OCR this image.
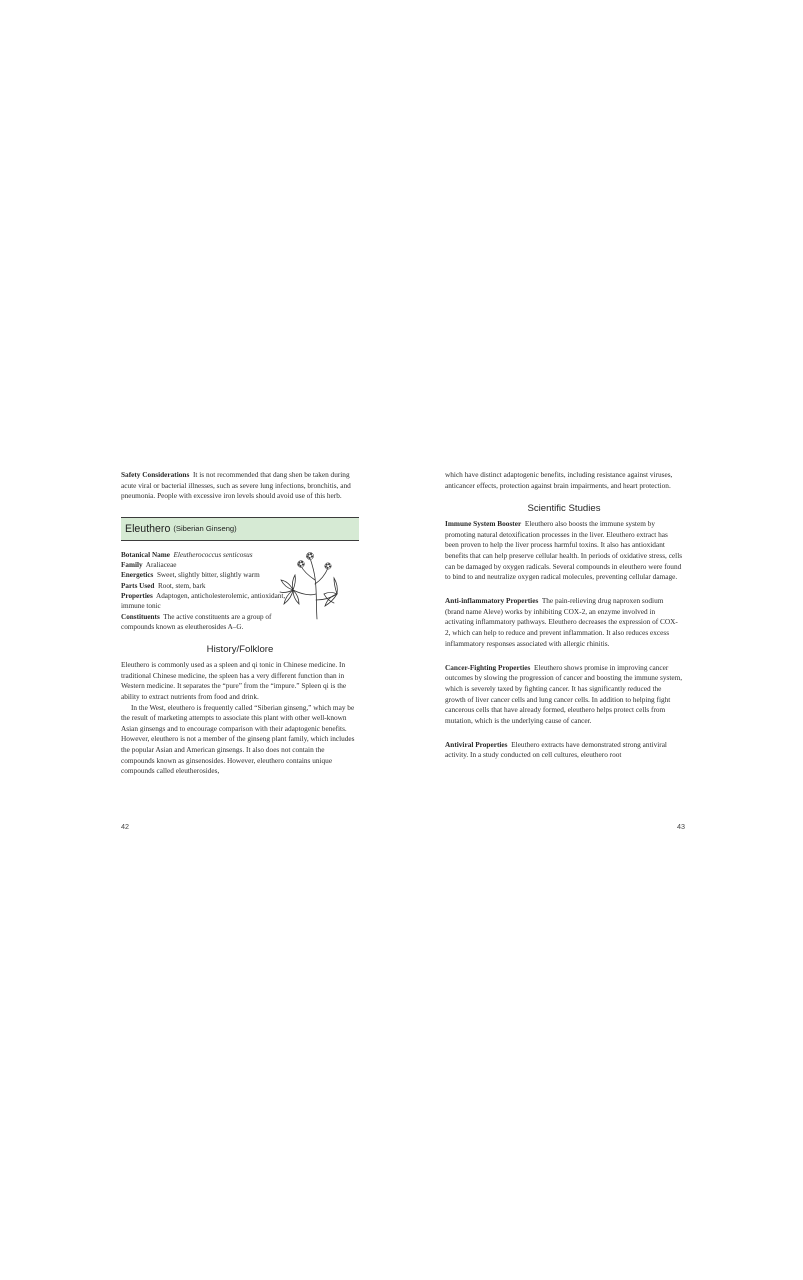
Safety Considerations It is not recommended that dang shen be taken during acute viral or bacterial illnesses, such as severe lung infections, bronchitis, and pneumonia. People with excessive iron levels should avoid use of this herb.

Eleuthero (Siberian Ginseng)

Botanical Name Eleutherococcus senticosus

Family Araliaceae

Energetics Sweet, slightly bitter, slightly warm

Parts Used Root, stem, bark

Properties Adaptogen, anticholesterolemic, antioxidant, immune tonic

Constituents The active constituents are a group of compounds known as eleutherosides A–G.

History/Folklore

Eleuthero is commonly used as a spleen and qi tonic in Chinese medicine. In traditional Chinese medicine, the spleen has a very different function than in Western medicine. It separates the “pure” from the “impure.” Spleen qi is the ability to extract nutrients from food and drink.

In the West, eleuthero is frequently called “Siberian ginseng,” which may be the result of marketing attempts to associate this plant with other well-known Asian ginsengs and to encourage comparison with their adaptogenic benefits. However, eleuthero is not a member of the ginseng plant family, which includes the popular Asian and American ginsengs. It also does not contain the compounds known as ginsenosides. However, eleuthero contains unique compounds called eleutherosides,

which have distinct adaptogenic benefits, including resistance against viruses, anticancer effects, protection against brain impairments, and heart protection.

Scientific Studies

Immune System Booster Eleuthero also boosts the immune system by promoting natural detoxification processes in the liver. Eleuthero extract has been proven to help the liver process harmful toxins. It also has antioxidant benefits that can help preserve cellular health. In periods of oxidative stress, cells can be damaged by oxygen radicals. Several compounds in eleuthero were found to bind to and neutralize oxygen radical molecules, preventing cellular damage.

Anti-inflammatory Properties The pain-relieving drug naproxen sodium (brand name Aleve) works by inhibiting COX-2, an enzyme involved in activating inflammatory pathways. Eleuthero decreases the expression of COX-2, which can help to reduce and prevent inflammation. It also reduces excess inflammatory responses associated with allergic rhinitis.

Cancer-Fighting Properties Eleuthero shows promise in improving cancer outcomes by slowing the progression of cancer and boosting the immune system, which is severely taxed by fighting cancer. It has significantly reduced the growth of liver cancer cells and lung cancer cells. In addition to helping fight cancerous cells that have already formed, eleuthero helps protect cells from mutation, which is the underlying cause of cancer.

Antiviral Properties Eleuthero extracts have demonstrated strong antiviral activity. In a study conducted on cell cultures, eleuthero root

42	43
